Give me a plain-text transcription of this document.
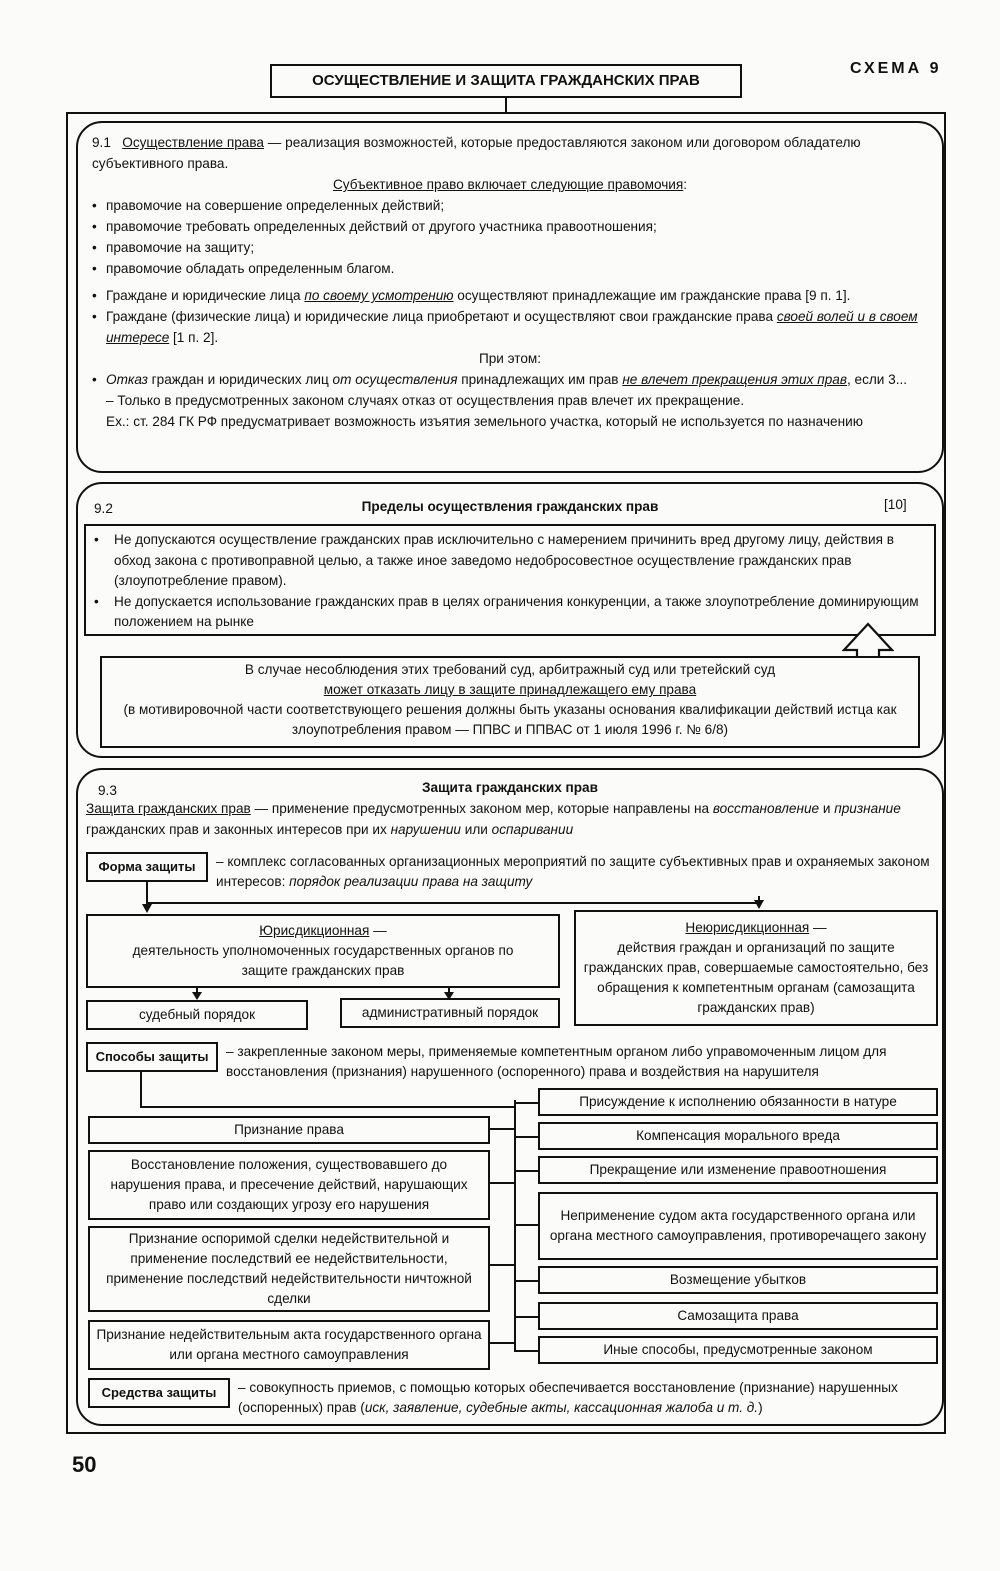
ОСУЩЕСТВЛЕНИЕ И ЗАЩИТА ГРАЖДАНСКИХ ПРАВ
СХЕМА 9
9.1 Осуществление права — реализация возможностей, которые предоставляются законом или договором обладателю субъективного права.
Субъективное право включает следующие правомочия:
• правомочие на совершение определенных действий;
• правомочие требовать определенных действий от другого участника правоотношения;
• правомочие на защиту;
• правомочие обладать определенным благом.
• Граждане и юридические лица по своему усмотрению осуществляют принадлежащие им гражданские права [9 п. 1].
• Граждане (физические лица) и юридические лица приобретают и осуществляют свои гражданские права своей волей и в своем интересе [1 п. 2].
При этом:
• Отказ граждан и юридических лиц от осуществления принадлежащих им прав не влечет прекращения этих прав, если 3...
– Только в предусмотренных законом случаях отказ от осуществления прав влечет их прекращение.
Ex.: ст. 284 ГК РФ предусматривает возможность изъятия земельного участка, который не используется по назначению
9.2	Пределы осуществления гражданских прав	[10]
• Не допускаются осуществление гражданских прав исключительно с намерением причинить вред другому лицу, действия в обход закона с противоправной целью, а также иное заведомо недобросовестное осуществление гражданских прав (злоупотребление правом).
• Не допускается использование гражданских прав в целях ограничения конкуренции, а также злоупотребление доминирующим положением на рынке
В случае несоблюдения этих требований суд, арбитражный суд или третейский суд
может отказать лицу в защите принадлежащего ему права
(в мотивировочной части соответствующего решения должны быть указаны основания квалификации действий истца как злоупотребления правом — ППВС и ППВАС от 1 июля 1996 г. № 6/8)
9.3	Защита гражданских прав
Защита гражданских прав — применение предусмотренных законом мер, которые направлены на восстановление и признание гражданских прав и законных интересов при их нарушении или оспаривании
Форма защиты – комплекс согласованных организационных мероприятий по защите субъективных прав и охраняемых законом интересов: порядок реализации права на защиту
Юрисдикционная —
деятельность уполномоченных государственных органов по защите гражданских прав
Неюрисдикционная —
действия граждан и организаций по защите гражданских прав, совершаемые самостоятельно, без обращения к компетентным органам (самозащита гражданских прав)
судебный порядок	административный порядок
Способы защиты – закрепленные законом меры, применяемые компетентным органом либо управомоченным лицом для восстановления (признания) нарушенного (оспоренного) права и воздействия на нарушителя
Признание права
Восстановление положения, существовавшего до нарушения права, и пресечение действий, нарушающих право или создающих угрозу его нарушения
Признание оспоримой сделки недействительной и применение последствий ее недействительности, применение последствий недействительности ничтожной сделки
Признание недействительным акта государственного органа или органа местного самоуправления
Присуждение к исполнению обязанности в натуре
Компенсация морального вреда
Прекращение или изменение правоотношения
Неприменение судом акта государственного органа или органа местного самоуправления, противоречащего закону
Возмещение убытков
Самозащита права
Иные способы, предусмотренные законом
Средства защиты – совокупность приемов, с помощью которых обеспечивается восстановление (признание) нарушенных (оспоренных) прав (иск, заявление, судебные акты, кассационная жалоба и т. д.)
50
